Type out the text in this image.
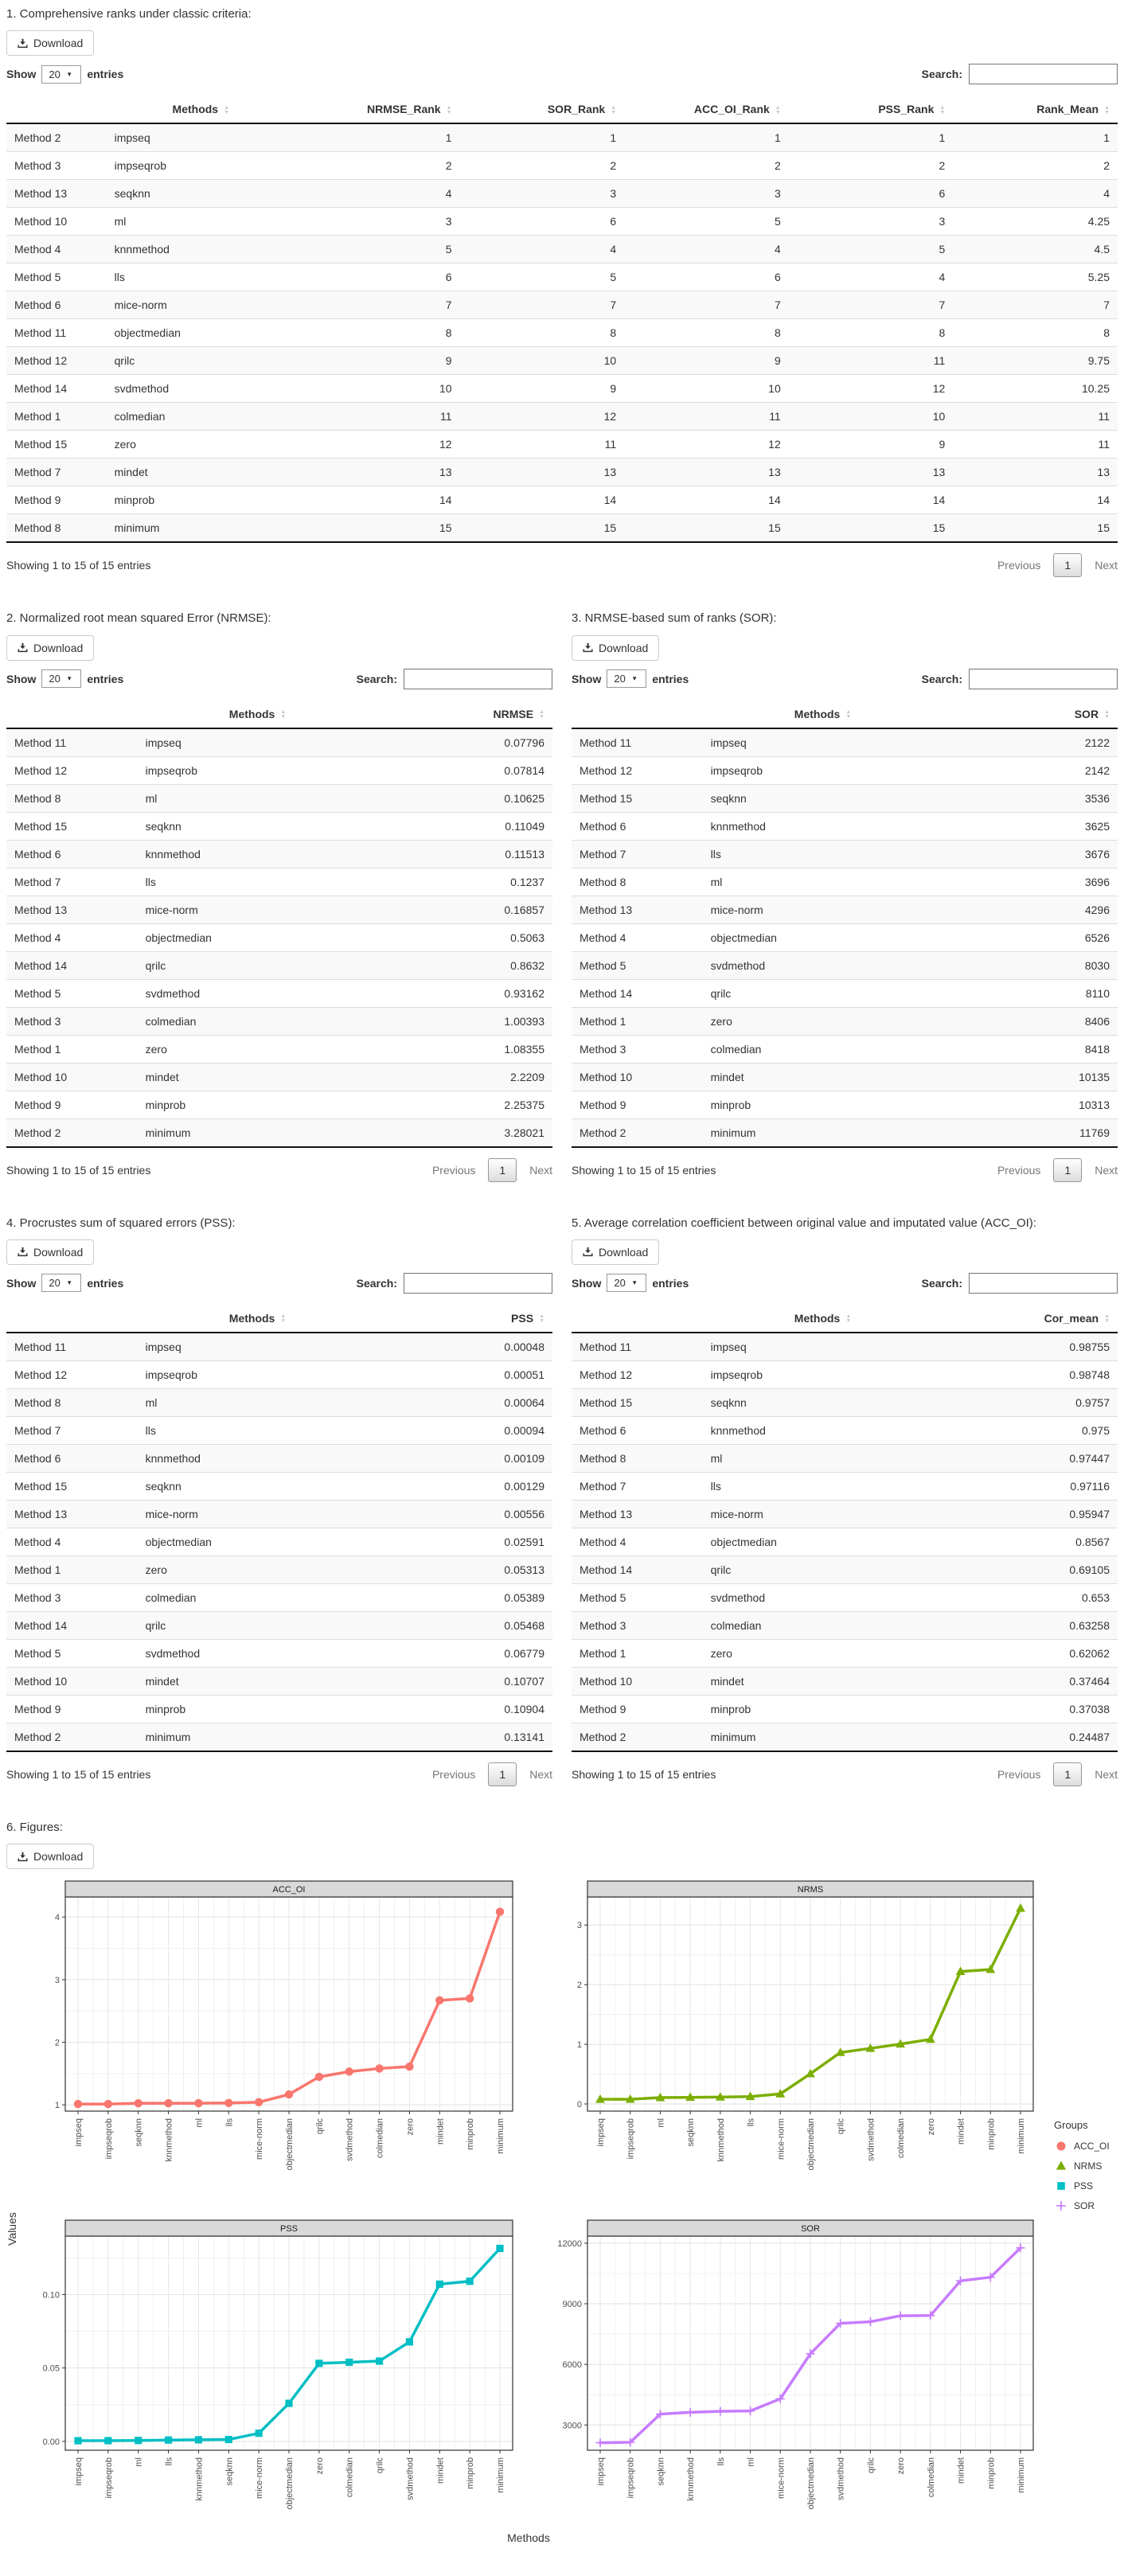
1. Comprehensive ranks under classic criteria:
Download
Show 20 ▾ entries	Search:
	Methods ▲
▼	NRMSE_Rank ▲
▼	SOR_Rank ▲
▼	ACC_OI_Rank ▲
▼	PSS_Rank ▲
▼	Rank_Mean ▲
▼

Method 2	impseq	1	1	1	1	1
Method 3	impseqrob	2	2	2	2	2
Method 13	seqknn	4	3	3	6	4
Method 10	ml	3	6	5	3	4.25
Method 4	knnmethod	5	4	4	5	4.5
Method 5	lls	6	5	6	4	5.25
Method 6	mice-norm	7	7	7	7	7
Method 11	objectmedian	8	8	8	8	8
Method 12	qrilc	9	10	9	11	9.75
Method 14	svdmethod	10	9	10	12	10.25
Method 1	colmedian	11	12	11	10	11
Method 15	zero	12	11	12	9	11
Method 7	mindet	13	13	13	13	13
Method 9	minprob	14	14	14	14	14
Method 8	minimum	15	15	15	15	15
Showing 1 to 15 of 15 entries	Previous	1	Next
2. Normalized root mean squared Error (NRMSE):
Download
Show 20 ▾ entries	Search:
	Methods ▲
▼	NRMSE ▲
▼

Method 11	impseq	0.07796
Method 12	impseqrob	0.07814
Method 8	ml	0.10625
Method 15	seqknn	0.11049
Method 6	knnmethod	0.11513
Method 7	lls	0.1237
Method 13	mice-norm	0.16857
Method 4	objectmedian	0.5063
Method 14	qrilc	0.8632
Method 5	svdmethod	0.93162
Method 3	colmedian	1.00393
Method 1	zero	1.08355
Method 10	mindet	2.2209
Method 9	minprob	2.25375
Method 2	minimum	3.28021
Showing 1 to 15 of 15 entries	Previous	1	Next
3. NRMSE-based sum of ranks (SOR):
Download
Show 20 ▾ entries	Search:
	Methods ▲
▼	SOR ▲
▼

Method 11	impseq	2122
Method 12	impseqrob	2142
Method 15	seqknn	3536
Method 6	knnmethod	3625
Method 7	lls	3676
Method 8	ml	3696
Method 13	mice-norm	4296
Method 4	objectmedian	6526
Method 5	svdmethod	8030
Method 14	qrilc	8110
Method 1	zero	8406
Method 3	colmedian	8418
Method 10	mindet	10135
Method 9	minprob	10313
Method 2	minimum	11769
Showing 1 to 15 of 15 entries	Previous	1	Next
4. Procrustes sum of squared errors (PSS):
Download
Show 20 ▾ entries	Search:
	Methods ▲
▼	PSS ▲
▼

Method 11	impseq	0.00048
Method 12	impseqrob	0.00051
Method 8	ml	0.00064
Method 7	lls	0.00094
Method 6	knnmethod	0.00109
Method 15	seqknn	0.00129
Method 13	mice-norm	0.00556
Method 4	objectmedian	0.02591
Method 1	zero	0.05313
Method 3	colmedian	0.05389
Method 14	qrilc	0.05468
Method 5	svdmethod	0.06779
Method 10	mindet	0.10707
Method 9	minprob	0.10904
Method 2	minimum	0.13141
Showing 1 to 15 of 15 entries	Previous	1	Next
5. Average correlation coefficient between original value and imputated value (ACC_OI):
Download
Show 20 ▾ entries	Search:
	Methods ▲
▼	Cor_mean ▲
▼

Method 11	impseq	0.98755
Method 12	impseqrob	0.98748
Method 15	seqknn	0.9757
Method 6	knnmethod	0.975
Method 8	ml	0.97447
Method 7	lls	0.97116
Method 13	mice-norm	0.95947
Method 4	objectmedian	0.8567
Method 14	qrilc	0.69105
Method 5	svdmethod	0.653
Method 3	colmedian	0.63258
Method 1	zero	0.62062
Method 10	mindet	0.37464
Method 9	minprob	0.37038
Method 2	minimum	0.24487
Showing 1 to 15 of 15 entries	Previous	1	Next
6. Figures:
Download
Values
ACC_OI
1
2
3
4
impseq impseqrob seqknn knnmethod ml lls mice-norm objectmedian qrilc svdmethod colmedian zero mindet minprob minimum
NRMS
0
1
2
3
impseq impseqrob ml seqknn knnmethod lls mice-norm objectmedian qrilc svdmethod colmedian zero mindet minprob minimum
PSS
0.00
0.05
0.10
impseq impseqrob ml lls knnmethod seqknn mice-norm objectmedian zero colmedian qrilc svdmethod mindet minprob minimum
SOR
3000
6000
9000
12000
impseq impseqrob seqknn knnmethod lls ml mice-norm objectmedian svdmethod qrilc zero colmedian mindet minprob minimum
Groups
ACC_OI
NRMS
PSS
SOR
Methods
